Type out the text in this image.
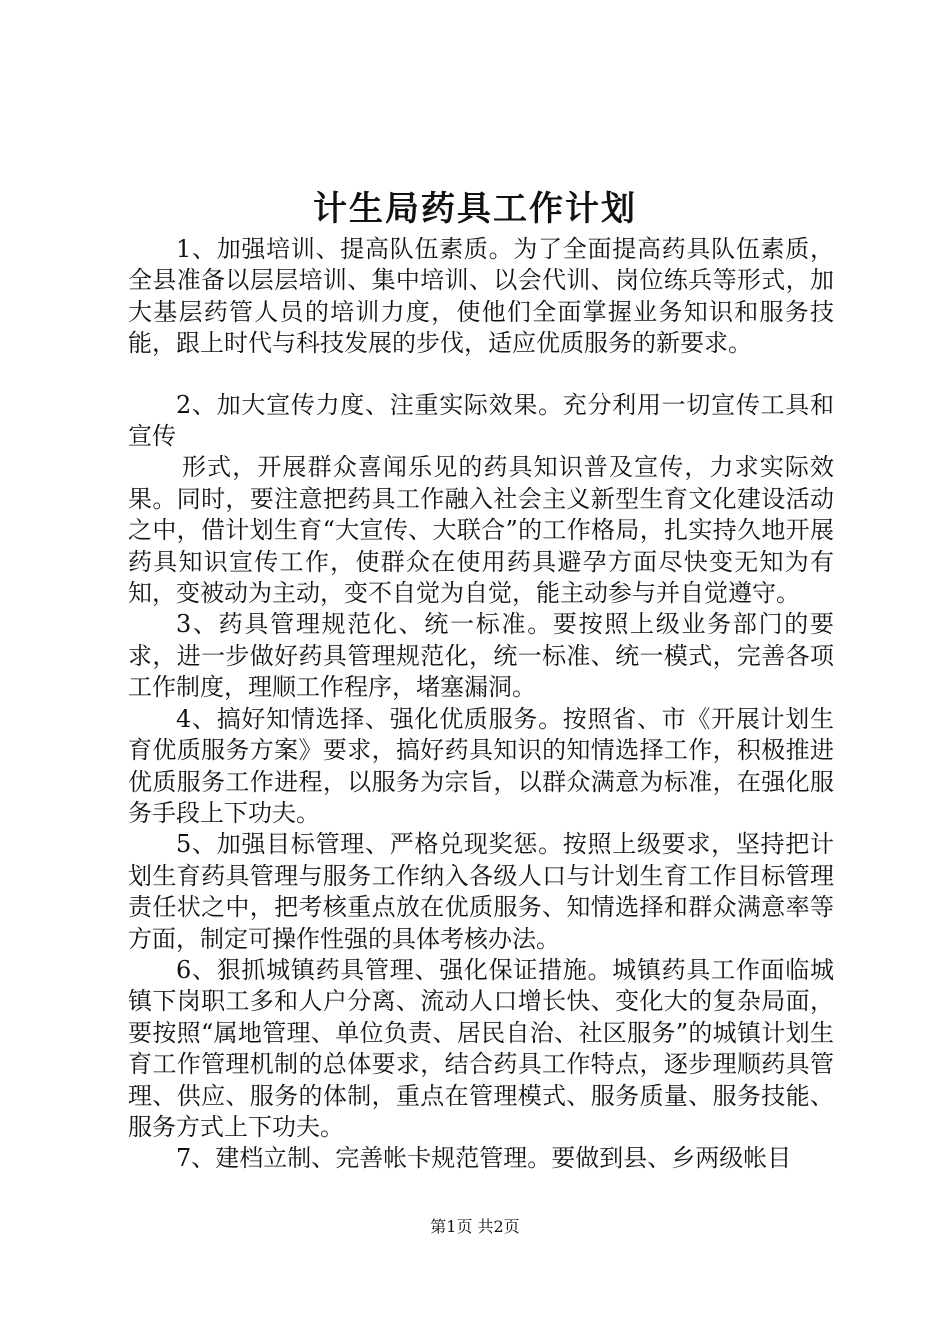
计生局药具工作计划

1、加强培训、提高队伍素质。为了全面提高药具队伍素质，全县准备以层层培训、集中培训、以会代训、岗位练兵等形式，加大基层药管人员的培训力度，使他们全面掌握业务知识和服务技能，跟上时代与科技发展的步伐，适应优质服务的新要求。

2、加大宣传力度、注重实际效果。充分利用一切宣传工具和宣传

形式，开展群众喜闻乐见的药具知识普及宣传，力求实际效果。同时，要注意把药具工作融入社会主义新型生育文化建设活动之中，借计划生育“大宣传、大联合”的工作格局，扎实持久地开展药具知识宣传工作，使群众在使用药具避孕方面尽快变无知为有知，变被动为主动，变不自觉为自觉，能主动参与并自觉遵守。

3、药具管理规范化、统一标准。要按照上级业务部门的要求，进一步做好药具管理规范化，统一标准、统一模式，完善各项工作制度，理顺工作程序，堵塞漏洞。

4、搞好知情选择、强化优质服务。按照省、市《开展计划生育优质服务方案》要求，搞好药具知识的知情选择工作，积极推进优质服务工作进程，以服务为宗旨，以群众满意为标准，在强化服务手段上下功夫。

5、加强目标管理、严格兑现奖惩。按照上级要求，坚持把计划生育药具管理与服务工作纳入各级人口与计划生育工作目标管理责任状之中，把考核重点放在优质服务、知情选择和群众满意率等方面，制定可操作性强的具体考核办法。

6、狠抓城镇药具管理、强化保证措施。城镇药具工作面临城镇下岗职工多和人户分离、流动人口增长快、变化大的复杂局面，要按照“属地管理、单位负责、居民自治、社区服务”的城镇计划生育工作管理机制的总体要求，结合药具工作特点，逐步理顺药具管理、供应、服务的体制，重点在管理模式、服务质量、服务技能、服务方式上下功夫。

7、建档立制、完善帐卡规范管理。要做到县、乡两级帐目

第1页 共2页
